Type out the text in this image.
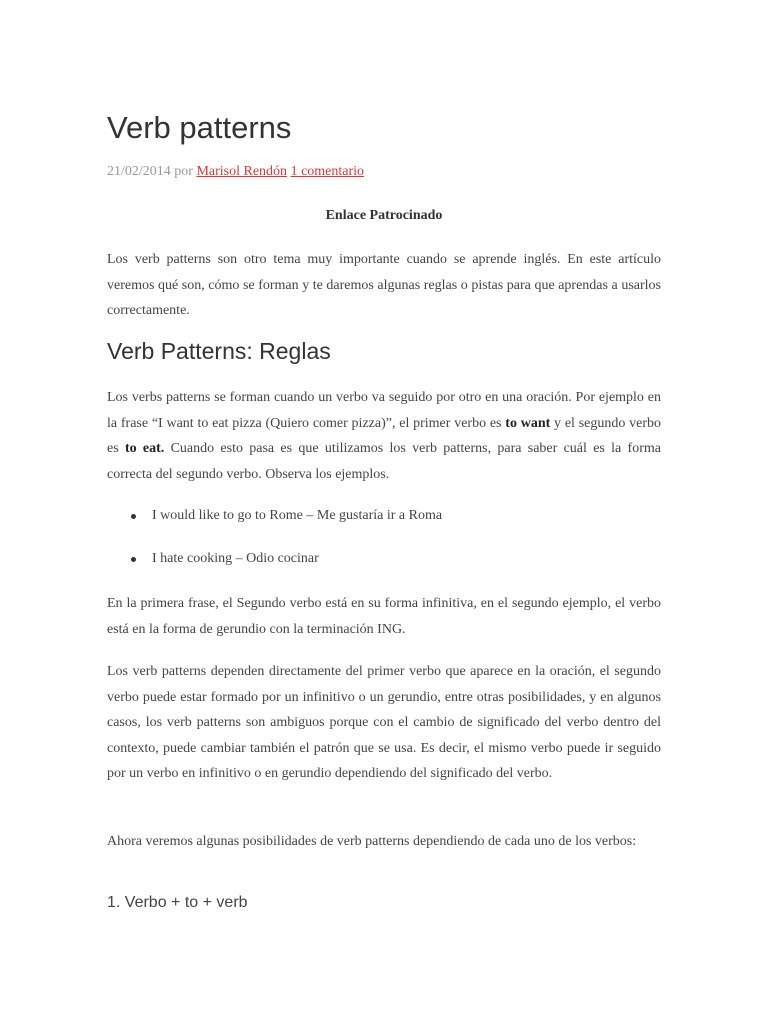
Verb patterns
21/02/2014 por Marisol Rendón 1 comentario
Enlace Patrocinado

Los verb patterns son otro tema muy importante cuando se aprende inglés. En este artículo veremos qué son, cómo se forman y te daremos algunas reglas o pistas para que aprendas a usarlos correctamente.

Verb Patterns: Reglas

Los verbs patterns se forman cuando un verbo va seguido por otro en una oración. Por ejemplo en la frase “I want to eat pizza (Quiero comer pizza)”, el primer verbo es to want y el segundo verbo es to eat. Cuando esto pasa es que utilizamos los verb patterns, para saber cuál es la forma correcta del segundo verbo. Observa los ejemplos.

I would like to go to Rome – Me gustaría ir a Roma
I hate cooking – Odio cocinar

En la primera frase, el Segundo verbo está en su forma infinitiva, en el segundo ejemplo, el verbo está en la forma de gerundio con la terminación ING.

Los verb patterns dependen directamente del primer verbo que aparece en la oración, el segundo verbo puede estar formado por un infinitivo o un gerundio, entre otras posibilidades, y en algunos casos, los verb patterns son ambiguos porque con el cambio de significado del verbo dentro del contexto, puede cambiar también el patrón que se usa. Es decir, el mismo verbo puede ir seguido por un verbo en infinitivo o en gerundio dependiendo del significado del verbo.

Ahora veremos algunas posibilidades de verb patterns dependiendo de cada uno de los verbos:

1. Verbo + to + verb
